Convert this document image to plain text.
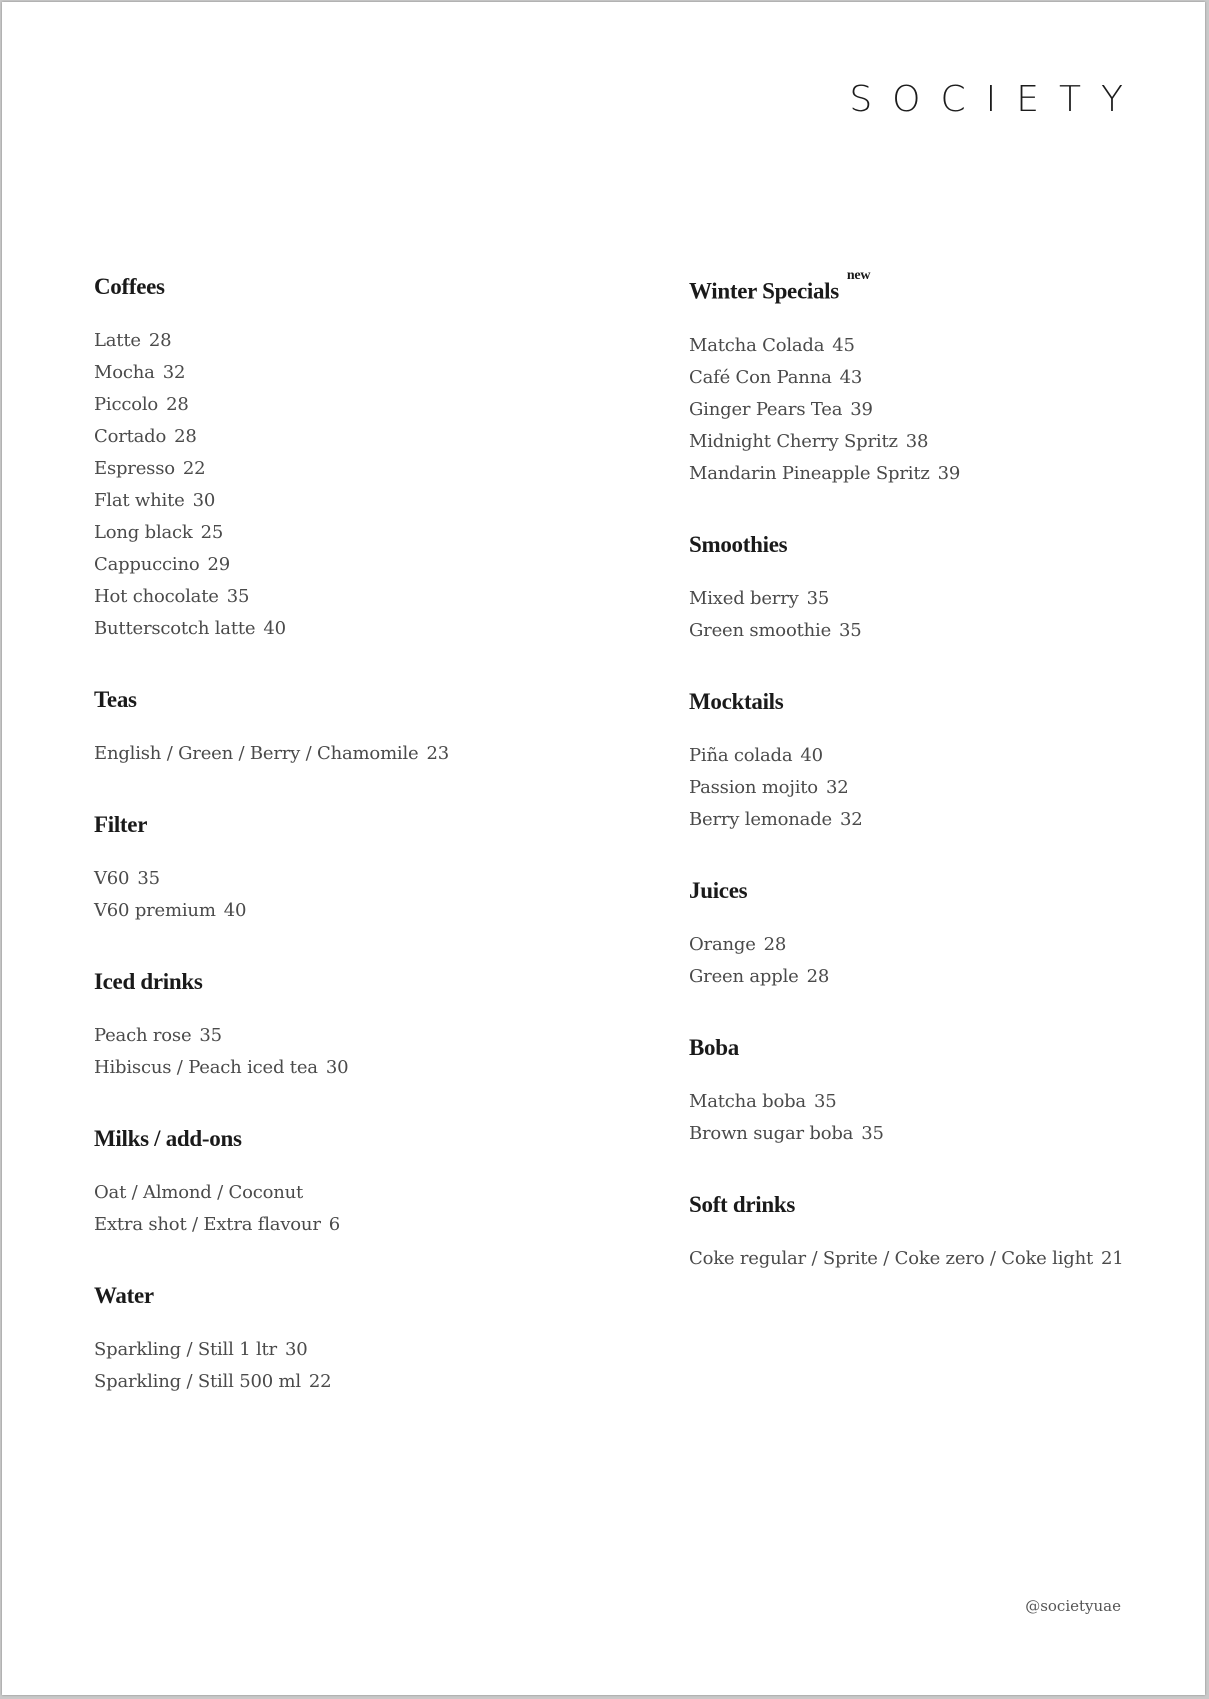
SOCIETY
Coffees
Latte 28
Mocha 32
Piccolo 28
Cortado 28
Espresso 22
Flat white 30
Long black 25
Cappuccino 29
Hot chocolate 35
Butterscotch latte 40
Teas
English / Green / Berry / Chamomile 23
Filter
V60 35
V60 premium 40
Iced drinks
Peach rose 35
Hibiscus / Peach iced tea 30
Milks / add-ons
Oat / Almond / Coconut
Extra shot / Extra flavour 6
Water
Sparkling / Still 1 ltr 30
Sparkling / Still 500 ml 22
Winter Specials$^{new}$
Matcha Colada 45
Café Con Panna 43
Ginger Pears Tea 39
Midnight Cherry Spritz 38
Mandarin Pineapple Spritz 39
Smoothies
Mixed berry 35
Green smoothie 35
Mocktails
Piña colada 40
Passion mojito 32
Berry lemonade 32
Juices
Orange 28
Green apple 28
Boba
Matcha boba 35
Brown sugar boba 35
Soft drinks
Coke regular / Sprite / Coke zero / Coke light 21
@societyuae
